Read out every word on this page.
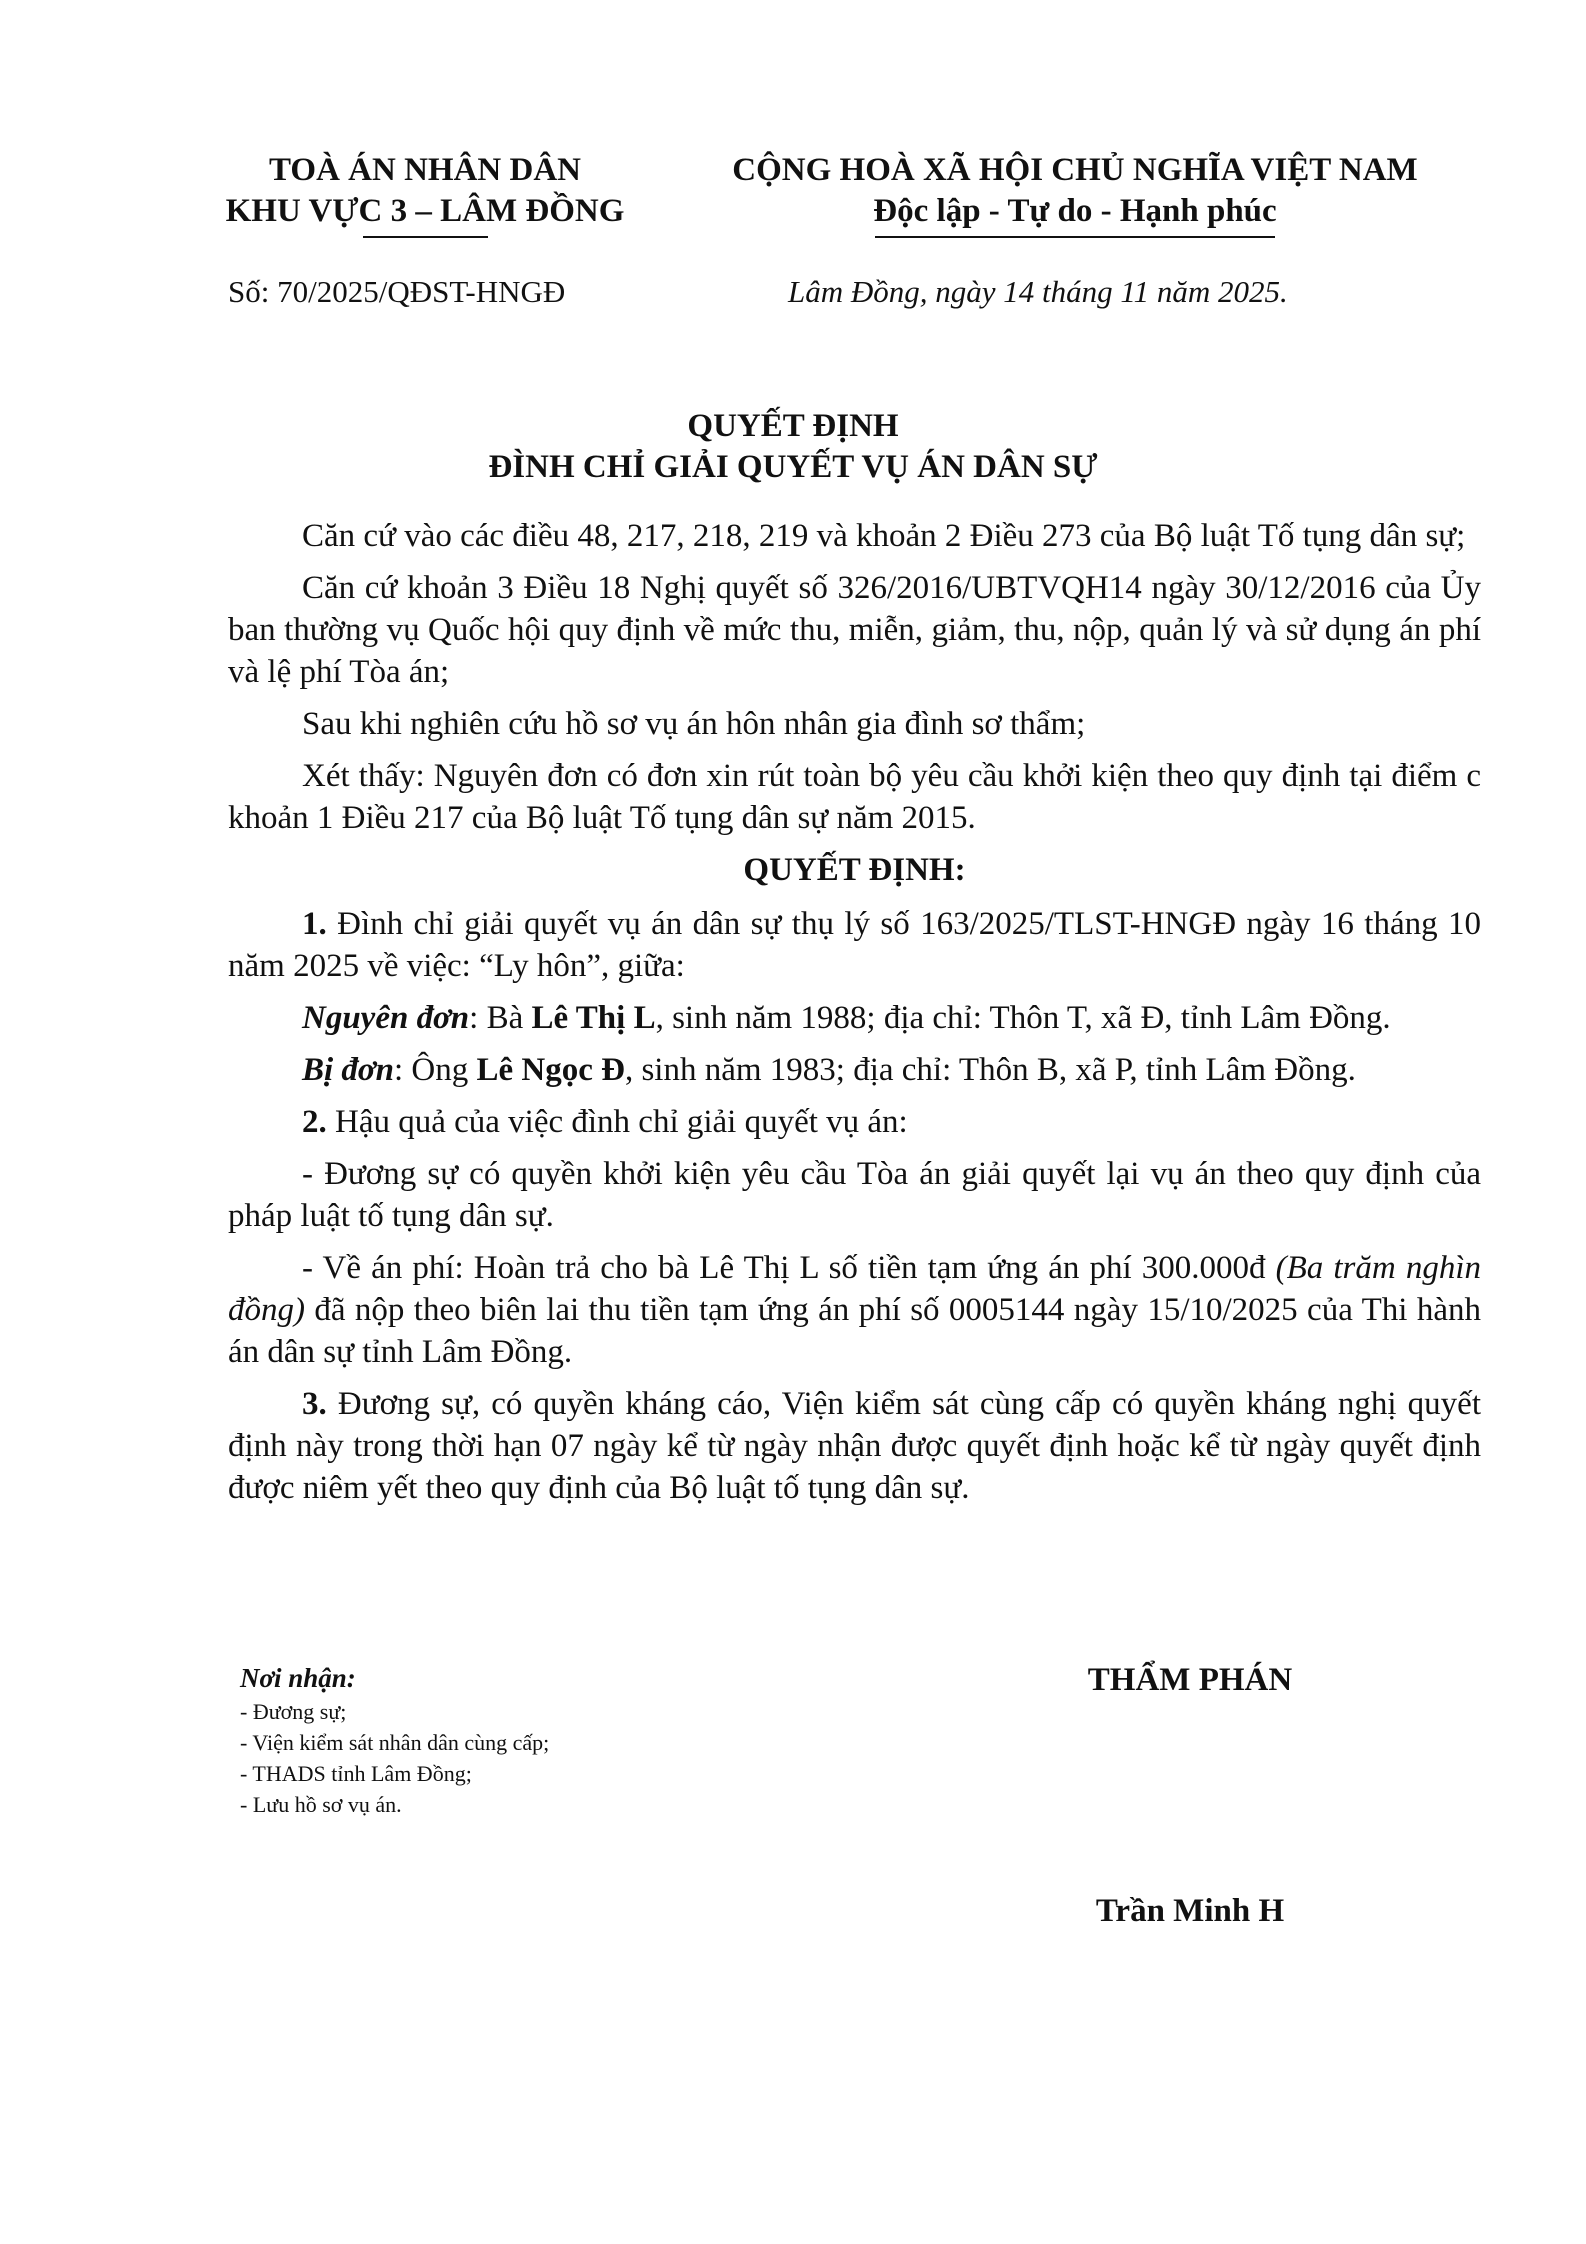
TOÀ ÁN NHÂN DÂN
KHU VỰC 3 – LÂM ĐỒNG
CỘNG HOÀ XÃ HỘI CHỦ NGHĨA VIỆT NAM
Độc lập - Tự do - Hạnh phúc
Số: 70/2025/QĐST-HNGĐ	Lâm Đồng, ngày 14 tháng 11 năm 2025.
QUYẾT ĐỊNH
ĐÌNH CHỈ GIẢI QUYẾT VỤ ÁN DÂN SỰ

Căn cứ vào các điều 48, 217, 218, 219 và khoản 2 Điều 273 của Bộ luật Tố tụng dân sự;

Căn cứ khoản 3 Điều 18 Nghị quyết số 326/2016/UBTVQH14 ngày 30/12/2016 của Ủy ban thường vụ Quốc hội quy định về mức thu, miễn, giảm, thu, nộp, quản lý và sử dụng án phí và lệ phí Tòa án;

Sau khi nghiên cứu hồ sơ vụ án hôn nhân gia đình sơ thẩm;

Xét thấy: Nguyên đơn có đơn xin rút toàn bộ yêu cầu khởi kiện theo quy định tại điểm c khoản 1 Điều 217 của Bộ luật Tố tụng dân sự năm 2015.

QUYẾT ĐỊNH:

1. Đình chỉ giải quyết vụ án dân sự thụ lý số 163/2025/TLST-HNGĐ ngày 16 tháng 10 năm 2025 về việc: “Ly hôn”, giữa:

Nguyên đơn: Bà Lê Thị L, sinh năm 1988; địa chỉ: Thôn T, xã Đ, tỉnh Lâm Đồng.

Bị đơn: Ông Lê Ngọc Đ, sinh năm 1983; địa chỉ: Thôn B, xã P, tỉnh Lâm Đồng.

2. Hậu quả của việc đình chỉ giải quyết vụ án:

- Đương sự có quyền khởi kiện yêu cầu Tòa án giải quyết lại vụ án theo quy định của pháp luật tố tụng dân sự.

- Về án phí: Hoàn trả cho bà Lê Thị L số tiền tạm ứng án phí 300.000đ (Ba trăm nghìn đồng) đã nộp theo biên lai thu tiền tạm ứng án phí số 0005144 ngày 15/10/2025 của Thi hành án dân sự tỉnh Lâm Đồng.

3. Đương sự, có quyền kháng cáo, Viện kiểm sát cùng cấp có quyền kháng nghị quyết định này trong thời hạn 07 ngày kể từ ngày nhận được quyết định hoặc kể từ ngày quyết định được niêm yết theo quy định của Bộ luật tố tụng dân sự.

Nơi nhận:
- Đương sự;
- Viện kiểm sát nhân dân cùng cấp;
- THADS tỉnh Lâm Đồng;
- Lưu hồ sơ vụ án.
THẨM PHÁN
Trần Minh H
